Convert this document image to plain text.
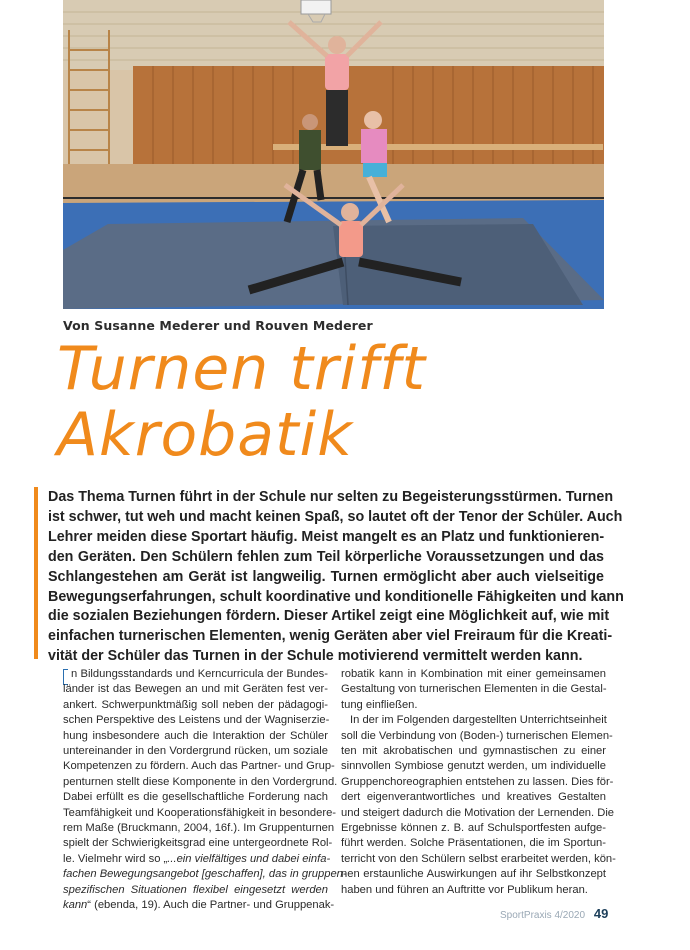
Von Susanne Mederer und Rouven Mederer
Turnen trifft
Akrobatik
Das Thema Turnen führt in der Schule nur selten zu Begeisterungsstürmen. Turnen
ist schwer, tut weh und macht keinen Spaß, so lautet oft der Tenor der Schüler. Auch
Lehrer meiden diese Sportart häufig. Meist mangelt es an Platz und funktionieren-
den Geräten. Den Schülern fehlen zum Teil körperliche Voraussetzungen und das
Schlangestehen am Gerät ist langweilig. Turnen ermöglicht aber auch vielseitige
Bewegungserfahrungen, schult koordinative und konditionelle Fähigkeiten und kann
die sozialen Beziehungen fördern. Dieser Artikel zeigt eine Möglichkeit auf, wie mit
einfachen turnerischen Elementen, wenig Geräten aber viel Freiraum für die Kreati-
vität der Schüler das Turnen in der Schule motivierend vermittelt werden kann.
n Bildungsstandards und Kerncurricula der Bundes-
länder ist das Bewegen an und mit Geräten fest ver-
ankert. Schwerpunktmäßig soll neben der pädagogi-
schen Perspektive des Leistens und der Wagniserzie-
hung insbesondere auch die Interaktion der Schüler
untereinander in den Vordergrund rücken, um soziale
Kompetenzen zu fördern. Auch das Partner- und Grup-
penturnen stellt diese Komponente in den Vordergrund.
Dabei erfüllt es die gesellschaftliche Forderung nach
Teamfähigkeit und Kooperationsfähigkeit in besondere-
rem Maße (Bruckmann, 2004, 16f.). Im Gruppenturnen
spielt der Schwierigkeitsgrad eine untergeordnete Rol-
le. Vielmehr wird so „...ein vielfältiges und dabei einfa-
fachen Bewegungsangebot [geschaffen], das in gruppen-
spezifischen Situationen flexibel eingesetzt werden
kann“ (ebenda, 19). Auch die Partner- und Gruppenak-
robatik kann in Kombination mit einer gemeinsamen
Gestaltung von turnerischen Elementen in die Gestal-
tung einfließen.
In der im Folgenden dargestellten Unterrichtseinheit
soll die Verbindung von (Boden-) turnerischen Elemen-
ten mit akrobatischen und gymnastischen zu einer
sinnvollen Symbiose genutzt werden, um individuelle
Gruppenchoreographien entstehen zu lassen. Dies för-
dert eigenverantwortliches und kreatives Gestalten
und steigert dadurch die Motivation der Lernenden. Die
Ergebnisse können z. B. auf Schulsportfesten aufge-
führt werden. Solche Präsentationen, die im Sportun-
terricht von den Schülern selbst erarbeitet werden, kön-
nen erstaunliche Auswirkungen auf ihr Selbstkonzept
haben und führen an Auftritte vor Publikum heran.
SportPraxis 4/2020 49
